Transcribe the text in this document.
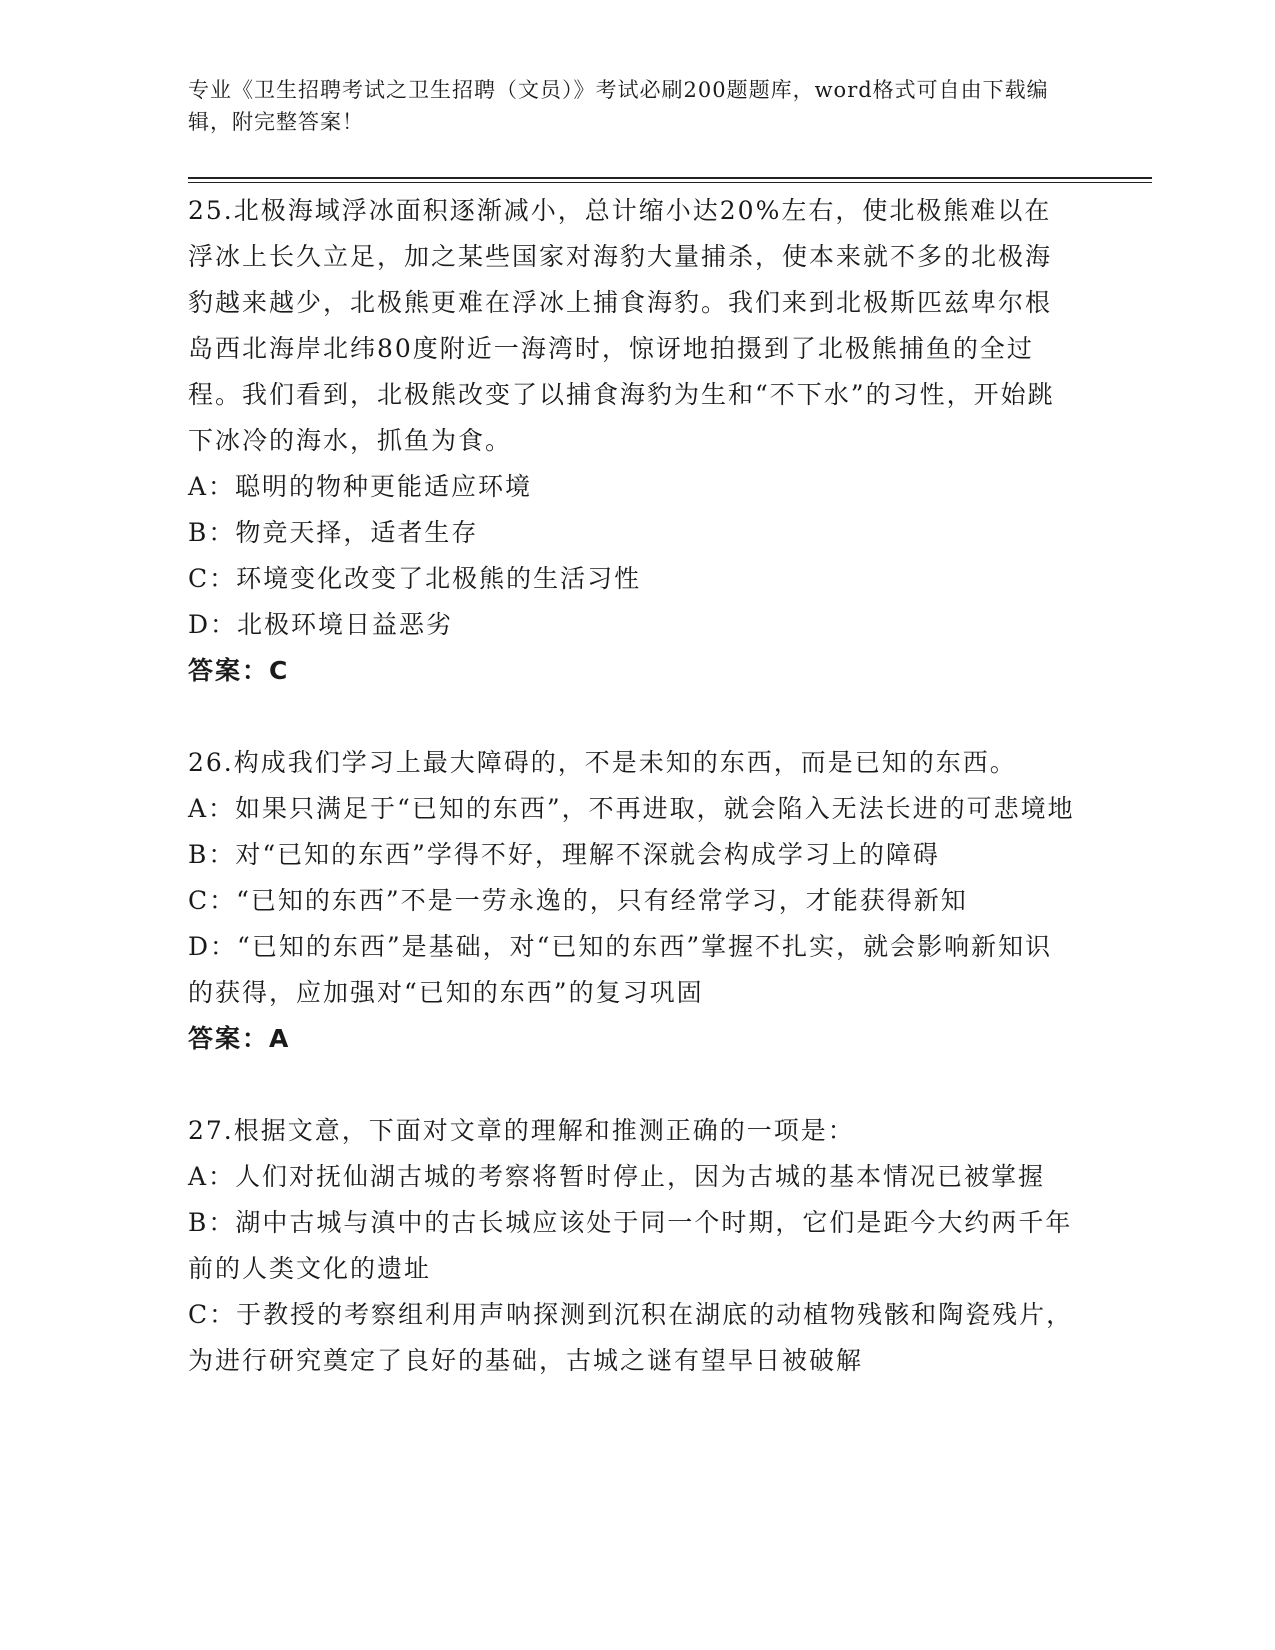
专业《卫生招聘考试之卫生招聘（文员）》考试必刷200题题库，word格式可自由下载编辑，附完整答案！

25.北极海域浮冰面积逐渐减小，总计缩小达20%左右，使北极熊难以在浮冰上长久立足，加之某些国家对海豹大量捕杀，使本来就不多的北极海豹越来越少，北极熊更难在浮冰上捕食海豹。我们来到北极斯匹兹卑尔根岛西北海岸北纬80度附近一海湾时，惊讶地拍摄到了北极熊捕鱼的全过程。我们看到，北极熊改变了以捕食海豹为生和“不下水”的习性，开始跳下冰冷的海水，抓鱼为食。

A：聪明的物种更能适应环境

B：物竞天择，适者生存

C：环境变化改变了北极熊的生活习性

D：北极环境日益恶劣

答案：C

26.构成我们学习上最大障碍的，不是未知的东西，而是已知的东西。

A：如果只满足于“已知的东西”，不再进取，就会陷入无法长进的可悲境地

B：对“已知的东西”学得不好，理解不深就会构成学习上的障碍

C：“已知的东西”不是一劳永逸的，只有经常学习，才能获得新知

D：“已知的东西”是基础，对“已知的东西”掌握不扎实，就会影响新知识的获得，应加强对“已知的东西”的复习巩固

答案：A

27.根据文意，下面对文章的理解和推测正确的一项是：

A：人们对抚仙湖古城的考察将暂时停止，因为古城的基本情况已被掌握

B：湖中古城与滇中的古长城应该处于同一个时期，它们是距今大约两千年前的人类文化的遗址

C：于教授的考察组利用声呐探测到沉积在湖底的动植物残骸和陶瓷残片，为进行研究奠定了良好的基础，古城之谜有望早日被破解
